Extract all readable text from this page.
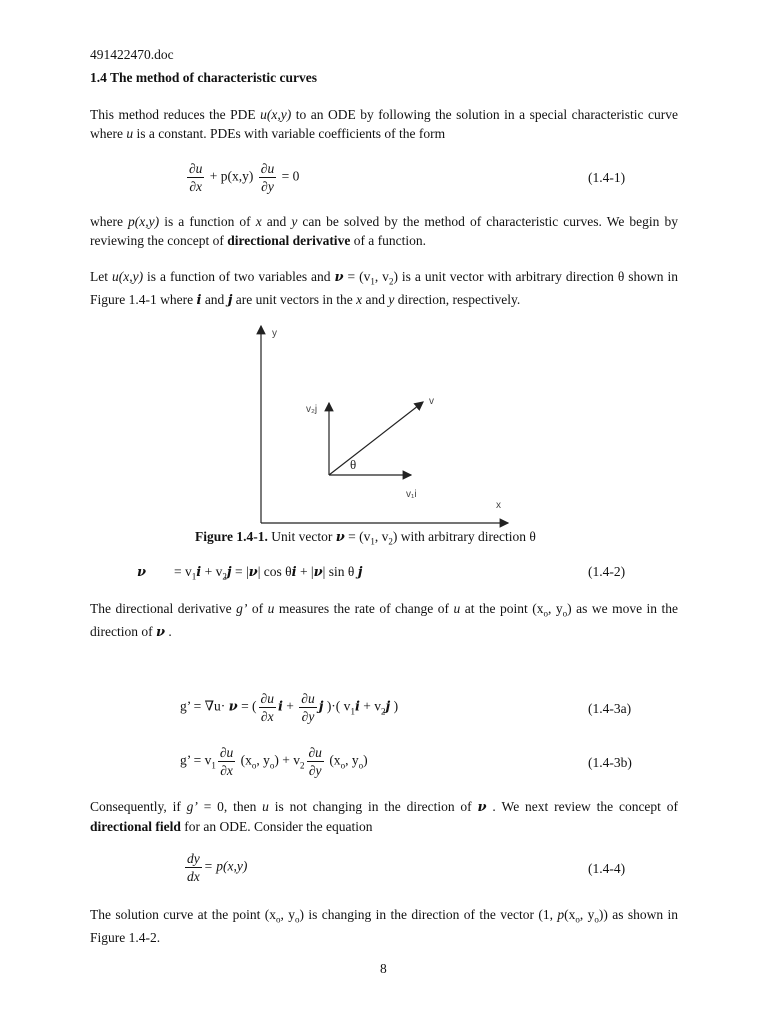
491422470.doc
1.4 The method of characteristic curves
This method reduces the PDE u(x,y) to an ODE by following the solution in a special characteristic curve where u is a constant. PDEs with variable coefficients of the form
$\frac{\partial u}{\partial x} + p(x,y) \frac{\partial u}{\partial y} = 0$	(1.4-1)
where p(x,y) is a function of x and y can be solved by the method of characteristic curves. We begin by reviewing the concept of directional derivative of a function.
Let u(x,y) is a function of two variables and $\nu = (v_1$, $v_2$) is a unit vector with arbitrary direction θ shown in Figure 1.4-1 where i and j are unit vectors in the x and y direction, respectively.
y
x
v
v₂j
v₁i
θ
Figure 1.4-1. Unit vector $\nu = (v_1$, $v_2$) with arbitrary direction θ
$\nu = v_1i + v_2j = |\nu|$ cos θi + |ν| sin θ j	(1.4-2)
The directional derivative g’ of u measures the rate of change of u at the point ($x_o$, $y_o$) as we move in the direction of ν .
g’ = ∇u· ν = ( $\frac{\partial u}{\partial x}$ $i + \frac{\partial u}{\partial y}$ j )·( $v_1i + v_2j$ )	(1.4-3a)
g’ = $v_1 \frac{\partial u}{\partial x} (x_o$, $y_o) + v_2 \frac{\partial u}{\partial y} (x_o$, $y_o$)	(1.4-3b)
Consequently, if g’ = 0, then u is not changing in the direction of ν . We next review the concept of directional field for an ODE. Consider the equation
$\frac{dy}{dx} = p(x,y)$	(1.4-4)
The solution curve at the point ($x_o$, $y_o$) is changing in the direction of the vector (1, $p(x_o$, $y_o$)) as shown in Figure 1.4-2.
8
